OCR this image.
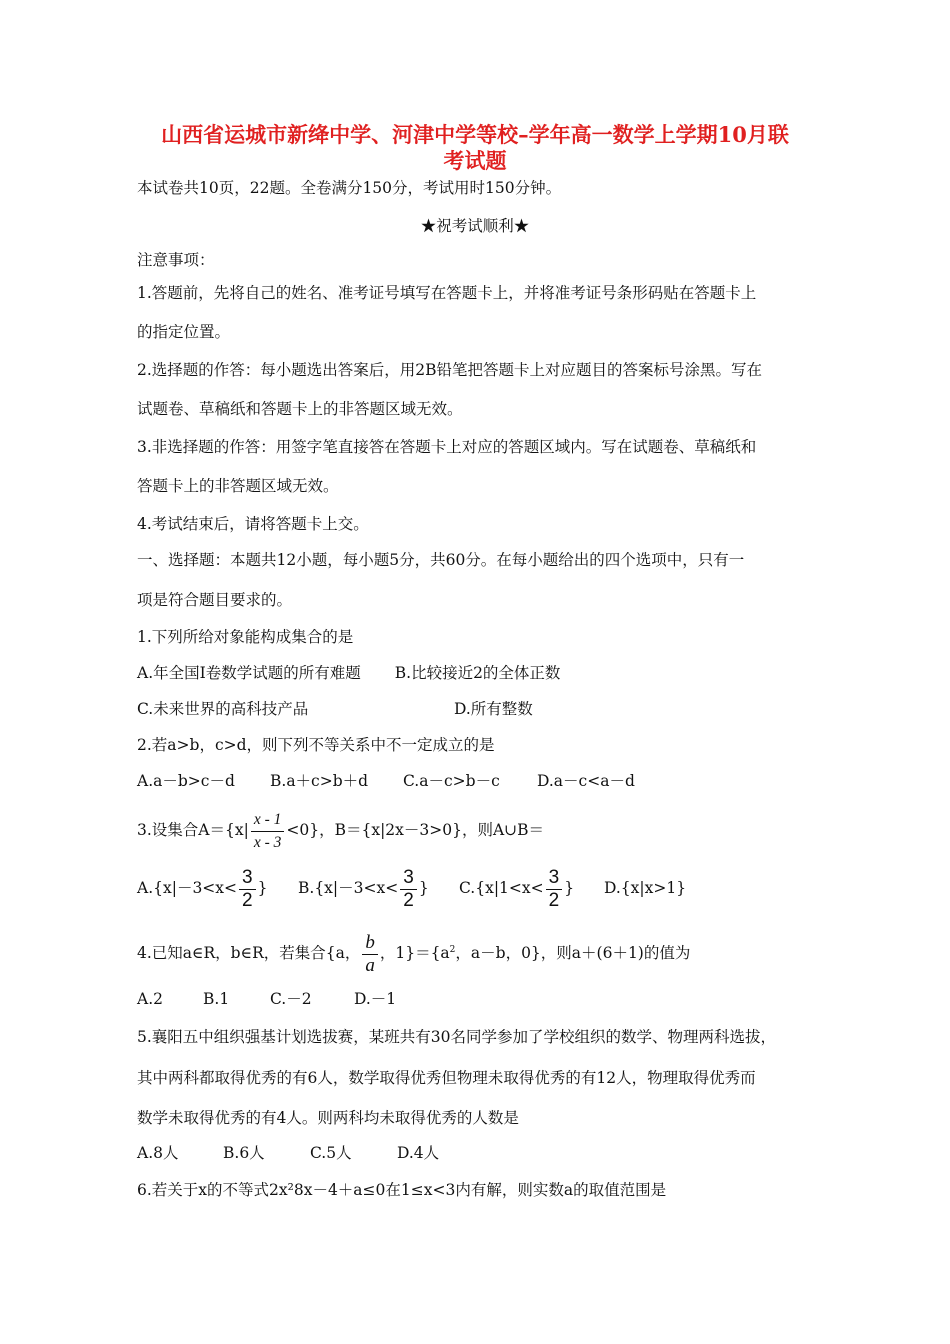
山西省运城市新绛中学、河津中学等校–学年高一数学上学期10月联
考试题
本试卷共10页，22题。全卷满分150分，考试用时150分钟。
★祝考试顺利★
注意事项：
1.答题前，先将自己的姓名、准考证号填写在答题卡上，并将准考证号条形码贴在答题卡上
的指定位置。
2.选择题的作答：每小题选出答案后，用2B铅笔把答题卡上对应题目的答案标号涂黑。写在
试题卷、草稿纸和答题卡上的非答题区域无效。
3.非选择题的作答：用签字笔直接答在答题卡上对应的答题区域内。写在试题卷、草稿纸和
答题卡上的非答题区域无效。
4.考试结束后，请将答题卡上交。
一、选择题：本题共12小题，每小题5分，共60分。在每小题给出的四个选项中，只有一
项是符合题目要求的。
1.下列所给对象能构成集合的是
A.年全国Ⅰ卷数学试题的所有难题 B.比较接近2的全体正数
C.未来世界的高科技产品	D.所有整数
2.若a>b，c>d，则下列不等关系中不一定成立的是
A.a－b>c－d B.a＋c>b＋d C.a－c>b－c D.a－c<a－d
3.设集合$A=\{x| \frac{x - 1}{x - 3} <0\}$，B＝{x|2x－3>0}，则A∪B＝
$A.\{x|-3<x< \frac{3}{2}$ } $B.\{x|-3<x< \frac{3}{2}$ } $C.\{x|1<x< \frac{3}{2}$ } D.{x|x>1}
4.已知a∈R，b∈R，若集合{a， $\frac{b}{a}$ ，$1\}=\{a^2$，a－b，0}，则a＋(6＋1)的值为
A.2	B.1	C.－2	D.－1
5.襄阳五中组织强基计划选拔赛，某班共有30名同学参加了学校组织的数学、物理两科选拔，
其中两科都取得优秀的有6人，数学取得优秀但物理未取得优秀的有12人，物理取得优秀而
数学未取得优秀的有4人。则两科均未取得优秀的人数是
A.8人	B.6人	C.5人	D.4人
6.若关于x的不等式2x²8x－4＋a≤0在1≤x<3内有解，则实数a的取值范围是
